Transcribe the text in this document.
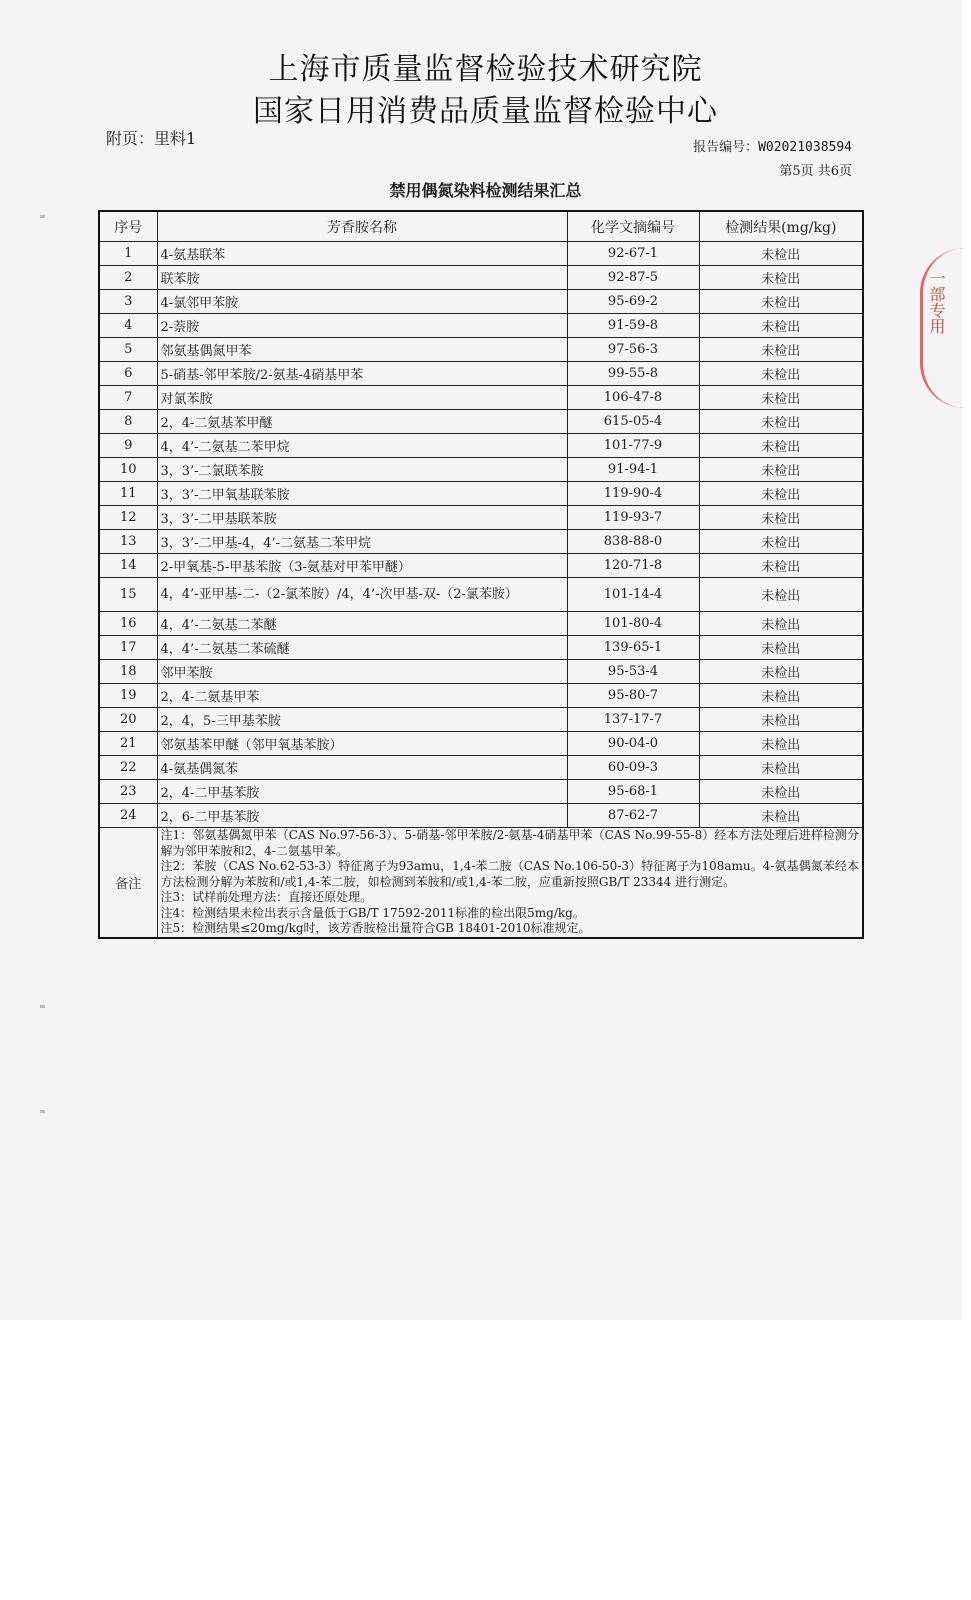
上海市质量监督检验技术研究院
国家日用消费品质量监督检验中心
附页：里料1	报告编号：W02021038594
第5页 共6页
禁用偶氮染料检测结果汇总
序号	芳香胺名称	化学文摘编号	检测结果(mg/kg)
1	4-氨基联苯	92-67-1	未检出
2	联苯胺	92-87-5	未检出
3	4-氯邻甲苯胺	95-69-2	未检出
4	2-萘胺	91-59-8	未检出
5	邻氨基偶氮甲苯	97-56-3	未检出
6	5-硝基-邻甲苯胺/2-氨基-4硝基甲苯	99-55-8	未检出
7	对氯苯胺	106-47-8	未检出
8	2，4-二氨基苯甲醚	615-05-4	未检出
9	4，4’-二氨基二苯甲烷	101-77-9	未检出
10	3，3’-二氯联苯胺	91-94-1	未检出
11	3，3’-二甲氧基联苯胺	119-90-4	未检出
12	3，3’-二甲基联苯胺	119-93-7	未检出
13	3，3’-二甲基-4，4’-二氨基二苯甲烷	838-88-0	未检出
14	2-甲氧基-5-甲基苯胺（3-氨基对甲苯甲醚）	120-71-8	未检出
15	4，4’-亚甲基-二-（2-氯苯胺）/4，4’-次甲基-双-（2-氯苯胺）	101-14-4	未检出
16	4，4’-二氨基二苯醚	101-80-4	未检出
17	4，4’-二氨基二苯硫醚	139-65-1	未检出
18	邻甲苯胺	95-53-4	未检出
19	2，4-二氨基甲苯	95-80-7	未检出
20	2，4，5-三甲基苯胺	137-17-7	未检出
21	邻氨基苯甲醚（邻甲氧基苯胺）	90-04-0	未检出
22	4-氨基偶氮苯	60-09-3	未检出
23	2，4-二甲基苯胺	95-68-1	未检出
24	2，6-二甲基苯胺	87-62-7	未检出
备注	注1：邻氨基偶氮甲苯（CAS No.97-56-3）、5-硝基-邻甲苯胺/2-氨基-4硝基甲苯（CAS No.99-55-8）经本方法处理后进样检测分解为邻甲苯胺和2，4-二氨基甲苯。
注2：苯胺（CAS No.62-53-3）特征离子为93amu，1,4-苯二胺（CAS No.106-50-3）特征离子为108amu。4-氨基偶氮苯经本方法检测分解为苯胺和/或1,4-苯二胺，如检测到苯胺和/或1,4-苯二胺，应重新按照GB/T 23344 进行测定。
注3：试样前处理方法：直接还原处理。
注4：检测结果未检出表示含量低于GB/T 17592-2011标准的检出限5mg/kg。
注5：检测结果≤20mg/kg时，该芳香胺检出量符合GB 18401-2010标准规定。		
一部专用
